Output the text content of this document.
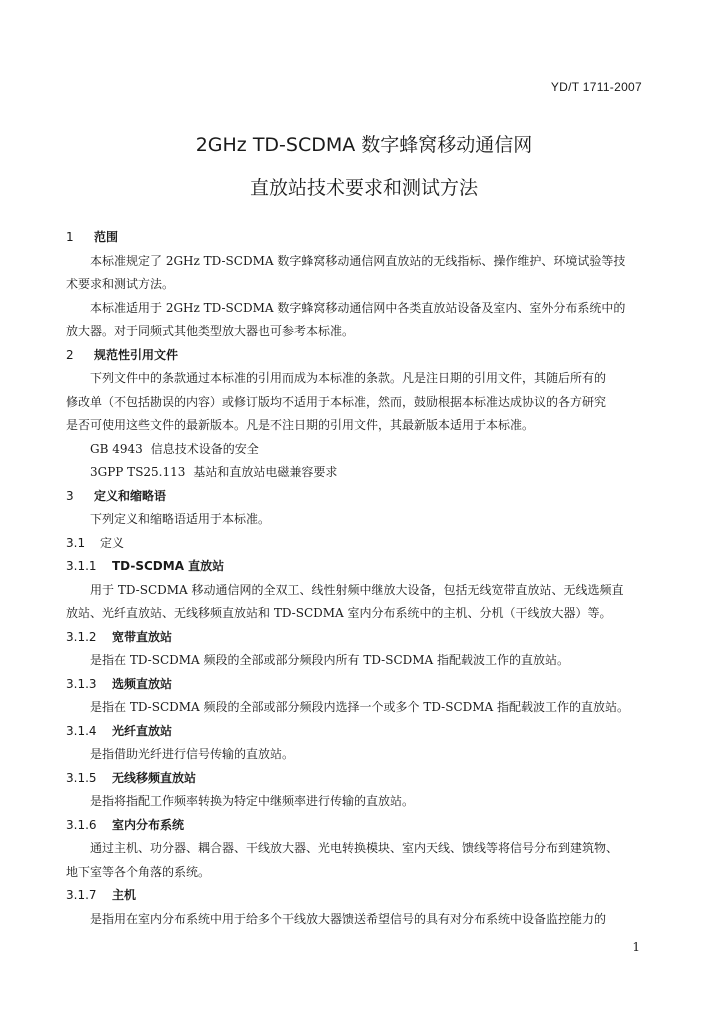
YD/T 1711-2007
2GHz TD-SCDMA 数字蜂窝移动通信网
直放站技术要求和测试方法
1 范围
本标准规定了 2GHz TD-SCDMA 数字蜂窝移动通信网直放站的无线指标、操作维护、环境试验等技
术要求和测试方法。
本标准适用于 2GHz TD-SCDMA 数字蜂窝移动通信网中各类直放站设备及室内、室外分布系统中的
放大器。对于同频式其他类型放大器也可参考本标准。
2 规范性引用文件
下列文件中的条款通过本标准的引用而成为本标准的条款。凡是注日期的引用文件，其随后所有的
修改单（不包括勘误的内容）或修订版均不适用于本标准，然而，鼓励根据本标准达成协议的各方研究
是否可使用这些文件的最新版本。凡是不注日期的引用文件，其最新版本适用于本标准。
GB 4943 信息技术设备的安全
3GPP TS25.113 基站和直放站电磁兼容要求
3 定义和缩略语
下列定义和缩略语适用于本标准。
3.1 定义
3.1.1 TD-SCDMA 直放站
用于 TD-SCDMA 移动通信网的全双工、线性射频中继放大设备，包括无线宽带直放站、无线选频直
放站、光纤直放站、无线移频直放站和 TD-SCDMA 室内分布系统中的主机、分机（干线放大器）等。
3.1.2 宽带直放站
是指在 TD-SCDMA 频段的全部或部分频段内所有 TD-SCDMA 指配载波工作的直放站。
3.1.3 选频直放站
是指在 TD-SCDMA 频段的全部或部分频段内选择一个或多个 TD-SCDMA 指配载波工作的直放站。
3.1.4 光纤直放站
是指借助光纤进行信号传输的直放站。
3.1.5 无线移频直放站
是指将指配工作频率转换为特定中继频率进行传输的直放站。
3.1.6 室内分布系统
通过主机、功分器、耦合器、干线放大器、光电转换模块、室内天线、馈线等将信号分布到建筑物、
地下室等各个角落的系统。
3.1.7 主机
是指用在室内分布系统中用于给多个干线放大器馈送希望信号的具有对分布系统中设备监控能力的
1
